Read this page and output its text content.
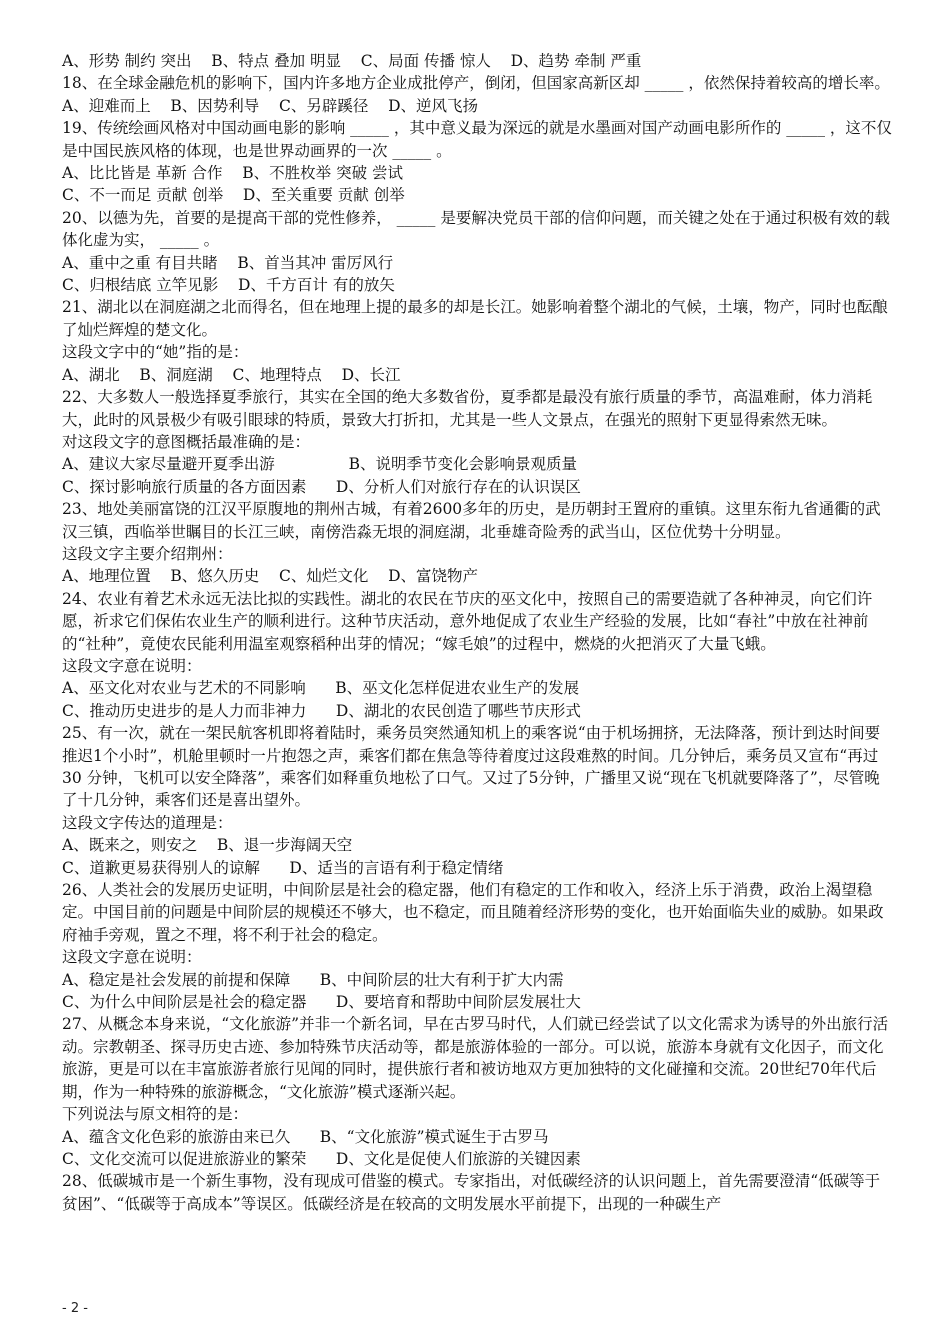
A、形势 制约 突出    B、特点 叠加 明显    C、局面 传播 惊人    D、趋势 牵制 严重

18、在全球金融危机的影响下，国内许多地方企业成批停产，倒闭，但国家高新区却 _____ ，依然保持着较高的增长率。

A、迎难而上    B、因势利导    C、另辟蹊径    D、逆风飞扬

19、传统绘画风格对中国动画电影的影响 _____ ，其中意义最为深远的就是水墨画对国产动画电影所作的 _____ ，这不仅是中国民族风格的体现，也是世界动画界的一次 _____ 。

A、比比皆是 革新 合作    B、不胜枚举 突破 尝试

C、不一而足 贡献 创举    D、至关重要 贡献 创举

20、以德为先，首要的是提高干部的党性修养， _____ 是要解决党员干部的信仰问题，而关键之处在于通过积极有效的载体化虚为实， _____ 。

A、重中之重 有目共睹    B、首当其冲 雷厉风行

C、归根结底 立竿见影    D、千方百计 有的放矢

21、湖北以在洞庭湖之北而得名，但在地理上提的最多的却是长江。她影响着整个湖北的气候，土壤，物产，同时也酝酿了灿烂辉煌的楚文化。

这段文字中的“她”指的是：

A、湖北    B、洞庭湖    C、地理特点    D、长江

22、大多数人一般选择夏季旅行，其实在全国的绝大多数省份，夏季都是最没有旅行质量的季节，高温难耐，体力消耗大，此时的风景极少有吸引眼球的特质，景致大打折扣，尤其是一些人文景点，在强光的照射下更显得索然无味。

对这段文字的意图概括最准确的是：

A、建议大家尽量避开夏季出游               B、说明季节变化会影响景观质量

C、探讨影响旅行质量的各方面因素      D、分析人们对旅行存在的认识误区

23、地处美丽富饶的江汉平原腹地的荆州古城，有着2600多年的历史，是历朝封王置府的重镇。这里东衔九省通衢的武汉三镇，西临举世瞩目的长江三峡，南傍浩淼无垠的洞庭湖，北垂雄奇险秀的武当山，区位优势十分明显。

这段文字主要介绍荆州：

A、地理位置    B、悠久历史    C、灿烂文化    D、富饶物产

24、农业有着艺术永远无法比拟的实践性。湖北的农民在节庆的巫文化中，按照自己的需要造就了各种神灵，向它们许愿，祈求它们保佑农业生产的顺利进行。这种节庆活动，意外地促成了农业生产经验的发展，比如“春社”中放在社神前的“社种”，竟使农民能利用温室观察稻种出芽的情况；“嫁毛娘”的过程中，燃烧的火把消灭了大量飞蛾。

这段文字意在说明：

A、巫文化对农业与艺术的不同影响      B、巫文化怎样促进农业生产的发展

C、推动历史进步的是人力而非神力      D、湖北的农民创造了哪些节庆形式

25、有一次，就在一架民航客机即将着陆时，乘务员突然通知机上的乘客说“由于机场拥挤，无法降落，预计到达时间要推迟1个小时”，机舱里顿时一片抱怨之声，乘客们都在焦急等待着度过这段难熬的时间。几分钟后，乘务员又宣布“再过 30 分钟，飞机可以安全降落”，乘客们如释重负地松了口气。又过了5分钟，广播里又说“现在飞机就要降落了”，尽管晚了十几分钟，乘客们还是喜出望外。

这段文字传达的道理是：

A、既来之，则安之    B、退一步海阔天空

C、道歉更易获得别人的谅解      D、适当的言语有利于稳定情绪

26、人类社会的发展历史证明，中间阶层是社会的稳定器，他们有稳定的工作和收入，经济上乐于消费，政治上渴望稳定。中国目前的问题是中间阶层的规模还不够大，也不稳定，而且随着经济形势的变化，也开始面临失业的威胁。如果政府袖手旁观，置之不理，将不利于社会的稳定。

这段文字意在说明：

A、稳定是社会发展的前提和保障      B、中间阶层的壮大有利于扩大内需

C、为什么中间阶层是社会的稳定器      D、要培育和帮助中间阶层发展壮大

27、从概念本身来说，“文化旅游”并非一个新名词，早在古罗马时代，人们就已经尝试了以文化需求为诱导的外出旅行活动。宗教朝圣、探寻历史古迹、参加特殊节庆活动等，都是旅游体验的一部分。可以说，旅游本身就有文化因子，而文化旅游，更是可以在丰富旅游者旅行见闻的同时，提供旅行者和被访地双方更加独特的文化碰撞和交流。20世纪70年代后期，作为一种特殊的旅游概念，“文化旅游”模式逐渐兴起。

下列说法与原文相符的是：

A、蕴含文化色彩的旅游由来已久      B、“文化旅游”模式诞生于古罗马

C、文化交流可以促进旅游业的繁荣      D、文化是促使人们旅游的关键因素

28、低碳城市是一个新生事物，没有现成可借鉴的模式。专家指出，对低碳经济的认识问题上，首先需要澄清“低碳等于贫困”、“低碳等于高成本”等误区。低碳经济是在较高的文明发展水平前提下，出现的一种碳生产

- 2 -
